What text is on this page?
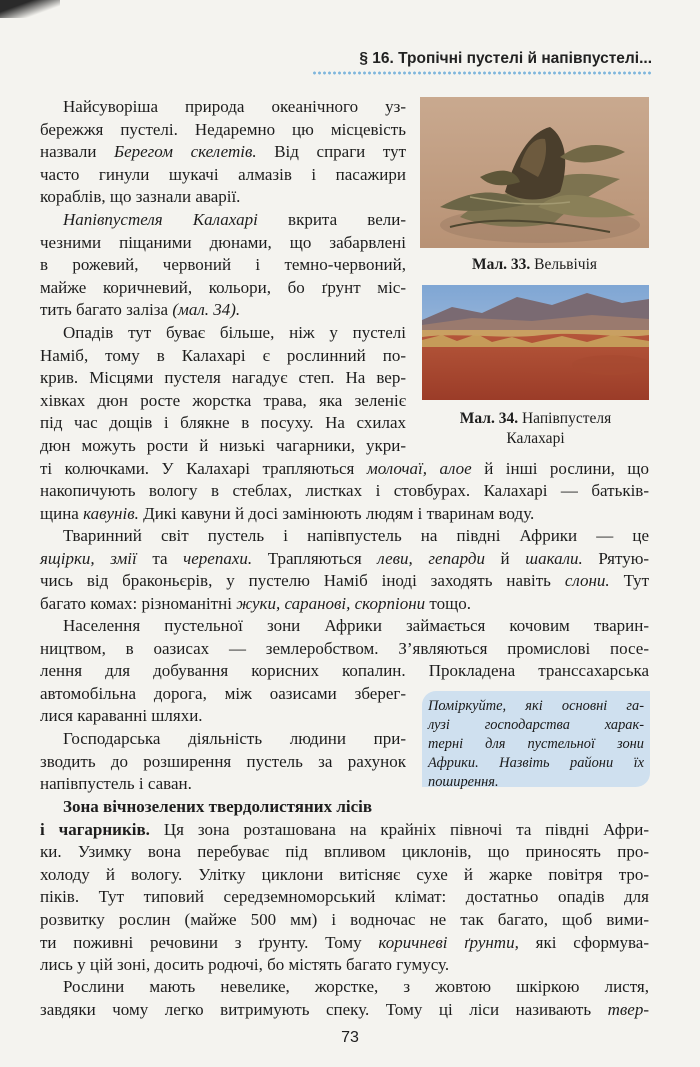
§ 16. Тропічні пустелі й напівпустелі...
Найсуворіша природа океанічного уз-
бережжя пустелі. Недаремно цю місцевість
назвали Берегом скелетів. Від спраги тут
часто гинули шукачі алмазів і пасажири
кораблів, що зазнали аварії.
Напівпустеля Калахарі вкрита вели-
чезними піщаними дюнами, що забарвлені
в рожевий, червоний і темно-червоний,
майже коричневий, кольори, бо ґрунт міс-
тить багато заліза (мал. 34).
Опадів тут буває більше, ніж у пустелі
Наміб, тому в Калахарі є рослинний по-
крив. Місцями пустеля нагадує степ. На вер-
хівках дюн росте жорстка трава, яка зеленіє
під час дощів і блякне в посуху. На схилах
дюн можуть рости й низькі чагарники, укри-
ті колючками. У Калахарі трапляються молочаї, алое й інші рослини, що
накопичують вологу в стеблах, листках і стовбурах. Калахарі — батьків-
щина кавунів. Дикі кавуни й досі замінюють людям і тваринам воду.
Тваринний світ пустель і напівпустель на півдні Африки — це
ящірки, змії та черепахи. Трапляються леви, гепарди й шакали. Рятую-
чись від браконьєрів, у пустелю Наміб іноді заходять навіть слони. Тут
багато комах: різноманітні жуки, саранові, скорпіони тощо.
Населення пустельної зони Африки займається кочовим тварин-
ництвом, в оазисах — землеробством. З’являються промислові посе-
лення для добування корисних копалин. Прокладена транссахарська
автомобільна дорога, між оазисами зберег-
лися караванні шляхи.
Господарська діяльність людини при-
зводить до розширення пустель за рахунок
напівпустель і саван.
Зона вічнозелених твердолистяних лісів
і чагарників. Ця зона розташована на крайніх півночі та півдні Афри-
ки. Узимку вона перебуває під впливом циклонів, що приносять про-
холоду й вологу. Улітку циклони витісняє сухе й жарке повітря тро-
піків. Тут типовий середземноморський клімат: достатньо опадів для
розвитку рослин (майже 500 мм) і водночас не так багато, щоб вими-
ти поживні речовини з ґрунту. Тому коричневі ґрунти, які сформува-
лись у цій зоні, досить родючі, бо містять багато гумусу.
Рослини мають невелике, жорсткe, з жовтою шкіркою листя,
завдяки чому легко витримують спеку. Тому ці ліси називають твер-
Мал. 33. Вельвічія
Мал. 34. Напівпустеля
Калахарі
Поміркуйте, які основні га-
лузі господарства харак-
терні для пустельної зони
Африки. Назвіть райони їх
поширення.
73
